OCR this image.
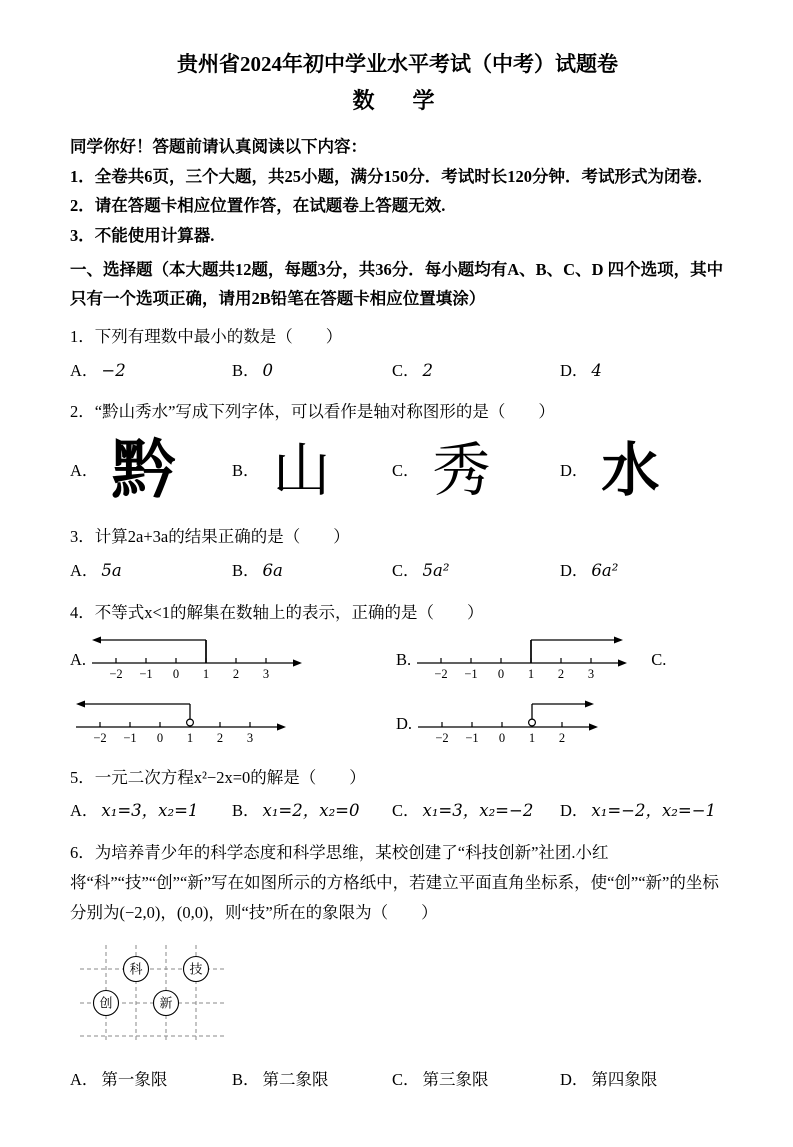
贵州省2024年初中学业水平考试（中考）试题卷
数　学

同学你好！答题前请认真阅读以下内容：

1．全卷共6页，三个大题，共25小题，满分150分．考试时长120分钟．考试形式为闭卷．

2．请在答题卡相应位置作答，在试题卷上答题无效.

3．不能使用计算器.

一、选择题（本大题共12题，每题3分，共36分．每小题均有A、B、C、D 四个选项，其中只有一个选项正确，请用2B铅笔在答题卡相应位置填涂）

1．下列有理数中最小的数是（　　）

A． −2	B． 0	C． 2	D． 4

2．“黔山秀水”写成下列字体，可以看作是轴对称图形的是（　　）

A． 黔	B． 山	C． 秀	D． 水

3．计算2a+3a的结果正确的是（　　）

A． 5a	B． 6a	C． 5a²	D． 6a²

4．不等式x<1的解集在数轴上的表示，正确的是（　　）

A.
−2 −1 0 1 2 3
B.
−2 −1 0 1 2 3
C.
−2 −1 0 1 2 3
D.
−2 −1 0 1 2

5．一元二次方程x²−2x=0的解是（　　）

A． x₁=3，x₂=1	B． x₁=2，x₂=0	C． x₁=3，x₂=−2	D． x₁=−2，x₂=−1

6．为培养青少年的科学态度和科学思维，某校创建了“科技创新”社团.小红将“科”“技”“创”“新”写在如图所示的方格纸中，若建立平面直角坐标系，使“创”“新”的坐标分别为(−2,0)，(0,0)，则“技”所在的象限为（　　）

科	技
创	新
A． 第一象限	B． 第二象限	C． 第三象限	D． 第四象限
